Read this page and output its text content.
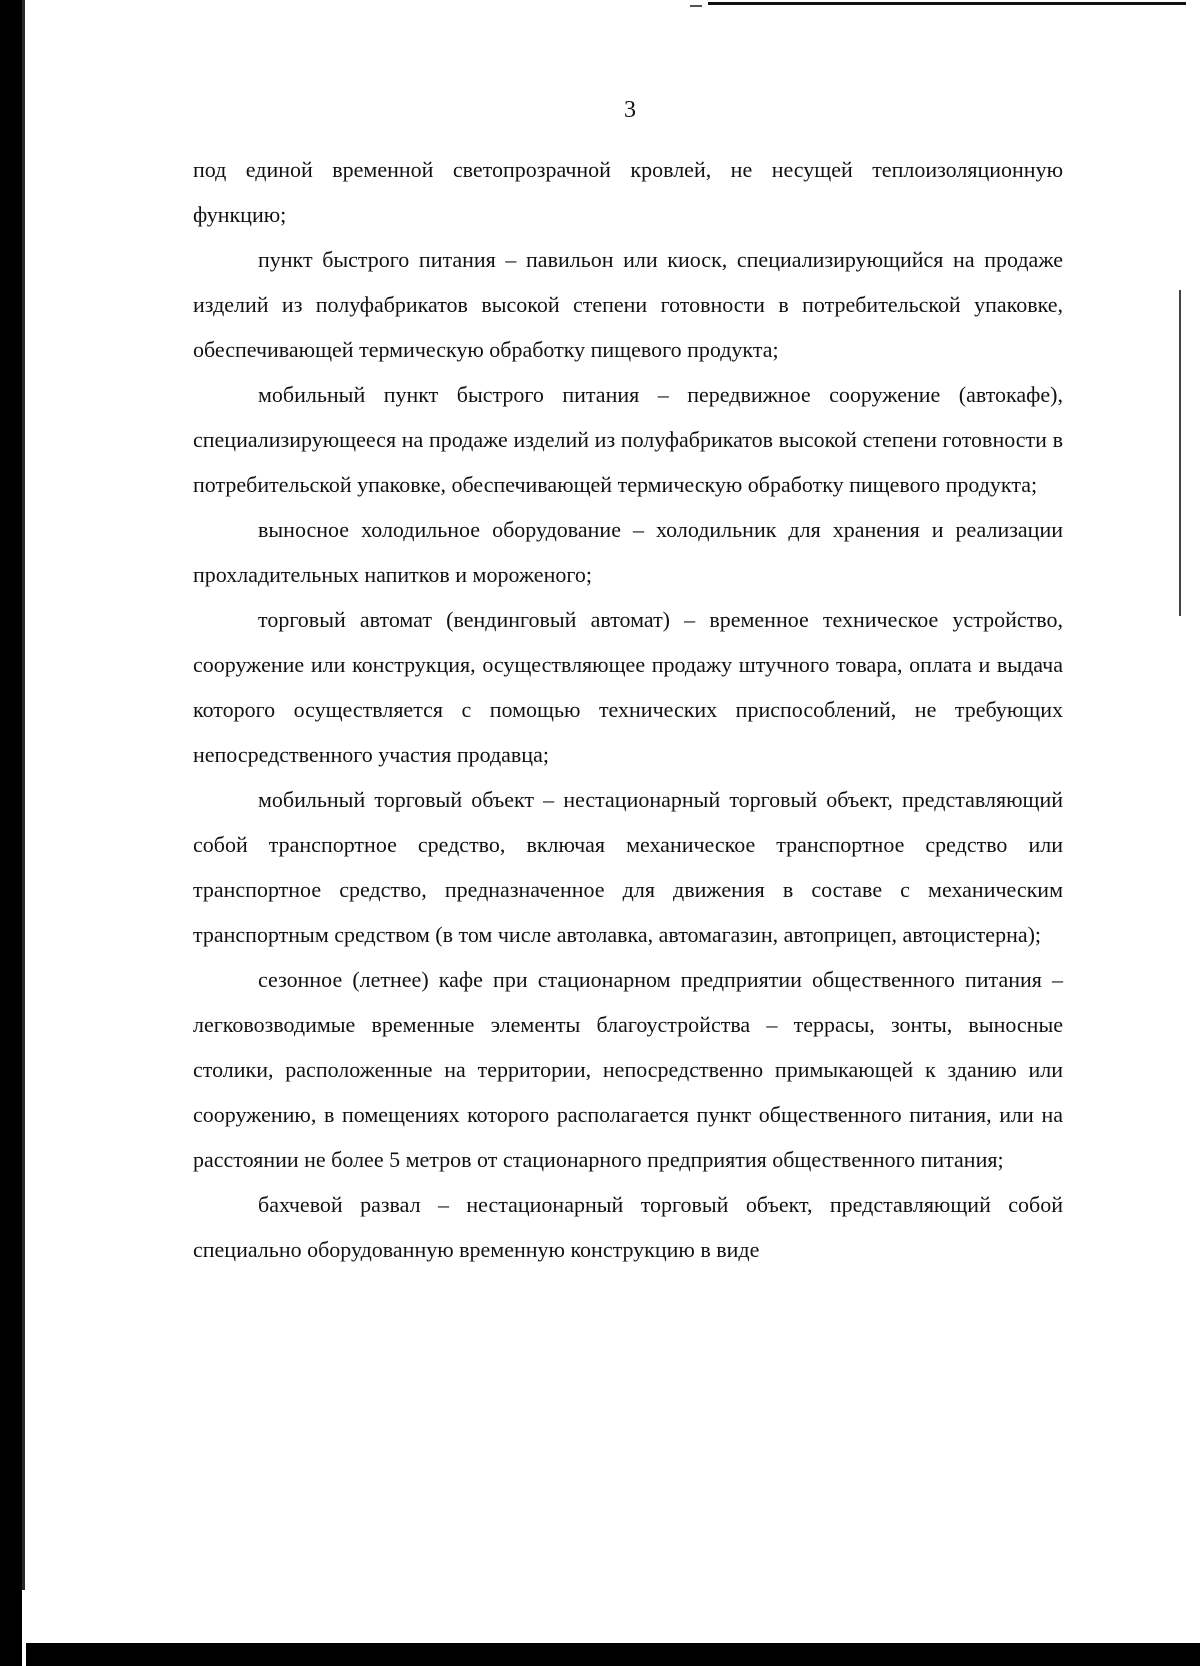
3

под единой временной светопрозрачной кровлей, не несущей теплоизоляционную функцию;

пункт быстрого питания – павильон или киоск, специализирующийся на продаже изделий из полуфабрикатов высокой степени готовности в потребительской упаковке, обеспечивающей термическую обработку пищевого продукта;

мобильный пункт быстрого питания – передвижное сооружение (автокафе), специализирующееся на продаже изделий из полуфабрикатов высокой степени готовности в потребительской упаковке, обеспечивающей термическую обработку пищевого продукта;

выносное холодильное оборудование – холодильник для хранения и реализации прохладительных напитков и мороженого;

торговый автомат (вендинговый автомат) – временное техническое устройство, сооружение или конструкция, осуществляющее продажу штучного товара, оплата и выдача которого осуществляется с помощью технических приспособлений, не требующих непосредственного участия продавца;

мобильный торговый объект – нестационарный торговый объект, представляющий собой транспортное средство, включая механическое транспортное средство или транспортное средство, предназначенное для движения в составе с механическим транспортным средством (в том числе автолавка, автомагазин, автоприцеп, автоцистерна);

сезонное (летнее) кафе при стационарном предприятии общественного питания – легковозводимые временные элементы благоустройства – террасы, зонты, выносные столики, расположенные на территории, непосредственно примыкающей к зданию или сооружению, в помещениях которого располагается пункт общественного питания, или на расстоянии не более 5 метров от стационарного предприятия общественного питания;

бахчевой развал – нестационарный торговый объект, представляющий собой специально оборудованную временную конструкцию в виде
